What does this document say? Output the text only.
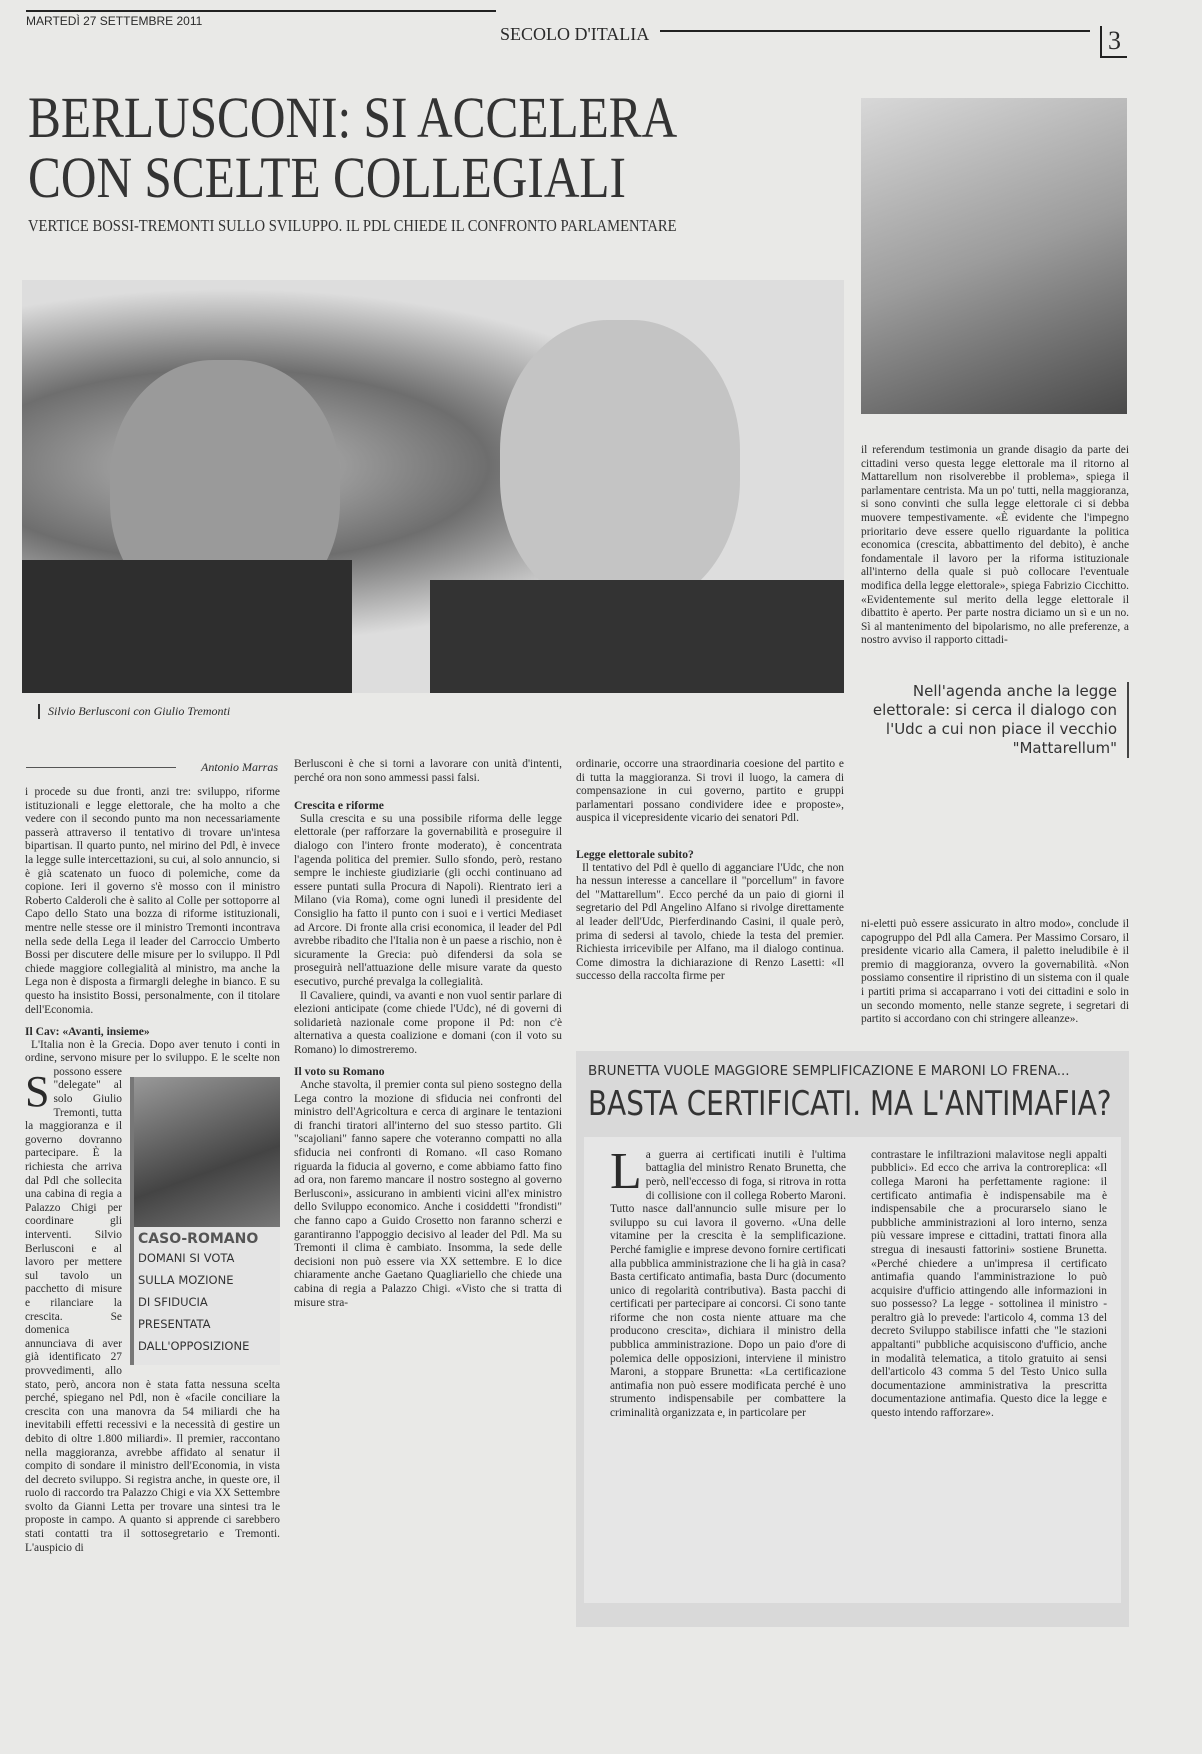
MARTEDÌ 27 SETTEMBRE 2011
SECOLO D'ITALIA	3
BERLUSCONI: SI ACCELERA
CON SCELTE COLLEGIALI
VERTICE BOSSI-TREMONTI SULLO SVILUPPO. IL PDL CHIEDE IL CONFRONTO PARLAMENTARE
Silvio Berlusconi con Giulio Tremonti
Antonio Marras
CASO-ROMANO
DOMANI SI VOTA
SULLA MOZIONE
DI SFIDUCIA
PRESENTATA
DALL'OPPOSIZIONE
S

i procede su due fronti, anzi tre: sviluppo, riforme istituzionali e legge elettorale, che ha molto a che vedere con il secondo punto ma non necessariamente passerà attraverso il tentativo di trovare un'intesa bipartisan. Il quarto punto, nel mirino del Pdl, è invece la legge sulle intercettazioni, su cui, al solo annuncio, si è già scatenato un fuoco di polemiche, come da copione. Ieri il governo s'è mosso con il ministro Roberto Calderoli che è salito al Colle per sottoporre al Capo dello Stato una bozza di riforme istituzionali, mentre nelle stesse ore il ministro Tremonti incontrava nella sede della Lega il leader del Carroccio Umberto Bossi per discutere delle misure per lo sviluppo. Il Pdl chiede maggiore collegialità al ministro, ma anche la Lega non è disposta a firmargli deleghe in bianco. E su questo ha insistito Bossi, personalmente, con il titolare dell'Economia.

Il Cav: «Avanti, insieme»

L'Italia non è la Grecia. Dopo aver tenuto i conti in ordine, servono misure per lo sviluppo. E le scelte non possono essere "delegate" al solo Giulio Tremonti, tutta la maggioranza e il governo dovranno partecipare. È la richiesta che arriva dal Pdl che sollecita una cabina di regia a Palazzo Chigi per coordinare gli interventi. Silvio Berlusconi e al lavoro per mettere sul tavolo un pacchetto di misure e rilanciare la crescita. Se domenica annunciava di aver già identificato 27 provvedimenti, allo stato, però, ancora non è stata fatta nessuna scelta perché, spiegano nel Pdl, non è «facile conciliare la crescita con una manovra da 54 miliardi che ha inevitabili effetti recessivi e la necessità di gestire un debito di oltre 1.800 miliardi». Il premier, raccontano nella maggioranza, avrebbe affidato al senatur il compito di sondare il ministro dell'Economia, in vista del decreto sviluppo. Si registra anche, in queste ore, il ruolo di raccordo tra Palazzo Chigi e via XX Settembre svolto da Gianni Letta per trovare una sintesi tra le proposte in campo. A quanto si apprende ci sarebbero stati contatti tra il sottosegretario e Tremonti. L'auspicio di

Berlusconi è che si torni a lavorare con unità d'intenti, perché ora non sono ammessi passi falsi.

Crescita e riforme

Sulla crescita e su una possibile riforma delle legge elettorale (per rafforzare la governabilità e proseguire il dialogo con l'intero fronte moderato), è concentrata l'agenda politica del premier. Sullo sfondo, però, restano sempre le inchieste giudiziarie (gli occhi continuano ad essere puntati sulla Procura di Napoli). Rientrato ieri a Milano (via Roma), come ogni lunedì il presidente del Consiglio ha fatto il punto con i suoi e i vertici Mediaset ad Arcore. Di fronte alla crisi economica, il leader del Pdl avrebbe ribadito che l'Italia non è un paese a rischio, non è sicuramente la Grecia: può difendersi da sola se proseguirà nell'attuazione delle misure varate da questo esecutivo, purché prevalga la collegialità.

Il Cavaliere, quindi, va avanti e non vuol sentir parlare di elezioni anticipate (come chiede l'Udc), né di governi di solidarietà nazionale come propone il Pd: non c'è alternativa a questa coalizione e domani (con il voto su Romano) lo dimostreremo.

Il voto su Romano

Anche stavolta, il premier conta sul pieno sostegno della Lega contro la mozione di sfiducia nei confronti del ministro dell'Agricoltura e cerca di arginare le tentazioni di franchi tiratori all'interno del suo stesso partito. Gli "scajoliani" fanno sapere che voteranno compatti no alla sfiducia nei confronti di Romano. «Il caso Romano riguarda la fiducia al governo, e come abbiamo fatto fino ad ora, non faremo mancare il nostro sostegno al governo Berlusconi», assicurano in ambienti vicini all'ex ministro dello Sviluppo economico. Anche i cosiddetti "frondisti" che fanno capo a Guido Crosetto non faranno scherzi e garantiranno l'appoggio decisivo al leader del Pdl. Ma su Tremonti il clima è cambiato. Insomma, la sede delle decisioni non può essere via XX settembre. E lo dice chiaramente anche Gaetano Quagliariello che chiede una cabina di regia a Palazzo Chigi. «Visto che si tratta di misure stra-

il referendum testimonia un grande disagio da parte dei cittadini verso questa legge elettorale ma il ritorno al Mattarellum non risolverebbe il problema», spiega il parlamentare centrista. Ma un po' tutti, nella maggioranza, si sono convinti che sulla legge elettorale ci si debba muovere tempestivamente. «È evidente che l'impegno prioritario deve essere quello riguardante la politica economica (crescita, abbattimento del debito), è anche fondamentale il lavoro per la riforma istituzionale all'interno della quale si può collocare l'eventuale modifica della legge elettorale», spiega Fabrizio Cicchitto. «Evidentemente sul merito della legge elettorale il dibattito è aperto. Per parte nostra diciamo un sì e un no. Sì al mantenimento del bipolarismo, no alle preferenze, a nostro avviso il rapporto cittadi-

Nell'agenda anche la legge elettorale: si cerca il dialogo con l'Udc a cui non piace il vecchio "Mattarellum"

ordinarie, occorre una straordinaria coesione del partito e di tutta la maggioranza. Si trovi il luogo, la camera di compensazione in cui governo, partito e gruppi parlamentari possano condividere idee e proposte», auspica il vicepresidente vicario dei senatori Pdl.

Legge elettorale subito?

Il tentativo del Pdl è quello di agganciare l'Udc, che non ha nessun interesse a cancellare il "porcellum" in favore del "Mattarellum". Ecco perché da un paio di giorni il segretario del Pdl Angelino Alfano si rivolge direttamente al leader dell'Udc, Pierferdinando Casini, il quale però, prima di sedersi al tavolo, chiede la testa del premier. Richiesta irricevibile per Alfano, ma il dialogo continua. Come dimostra la dichiarazione di Renzo Lasetti: «Il successo della raccolta firme per

ni-eletti può essere assicurato in altro modo», conclude il capogruppo del Pdl alla Camera. Per Massimo Corsaro, il presidente vicario alla Camera, il paletto ineludibile è il premio di maggioranza, ovvero la governabilità. «Non possiamo consentire il ripristino di un sistema con il quale i partiti prima si accaparrano i voti dei cittadini e solo in un secondo momento, nelle stanze segrete, i segretari di partito si accordano con chi stringere alleanze».

BRUNETTA VUOLE MAGGIORE SEMPLIFICAZIONE E MARONI LO FRENA...
BASTA CERTIFICATI. MA L'ANTIMAFIA?
L a guerra ai certificati inutili è l'ultima battaglia del ministro Renato Brunetta, che però, nell'eccesso di foga, si ritrova in rotta di collisione con il collega Roberto Maroni. Tutto nasce dall'annuncio sulle misure per lo sviluppo su cui lavora il governo. «Una delle vitamine per la crescita è la semplificazione. Perché famiglie e imprese devono fornire certificati alla pubblica amministrazione che li ha già in casa? Basta certificato antimafia, basta Durc (documento unico di regolarità contributiva). Basta pacchi di certificati per partecipare ai concorsi. Ci sono tante riforme che non costa niente attuare ma che producono crescita», dichiara il ministro della pubblica amministrazione. Dopo un paio d'ore di polemica delle opposizioni, interviene il ministro Maroni, a stoppare Brunetta: «La certificazione antimafia non può essere modificata perché è uno strumento indispensabile per combattere la criminalità organizzata e, in particolare per

contrastare le infiltrazioni malavitose negli appalti pubblici». Ed ecco che arriva la controreplica: «Il collega Maroni ha perfettamente ragione: il certificato antimafia è indispensabile ma è indispensabile che a procurarselo siano le pubbliche amministrazioni al loro interno, senza più vessare imprese e cittadini, trattati finora alla stregua di inesausti fattorini» sostiene Brunetta. «Perché chiedere a un'impresa il certificato antimafia quando l'amministrazione lo può acquisire d'ufficio attingendo alle informazioni in suo possesso? La legge - sottolinea il ministro - peraltro già lo prevede: l'articolo 4, comma 13 del decreto Sviluppo stabilisce infatti che "le stazioni appaltanti" pubbliche acquisiscono d'ufficio, anche in modalità telematica, a titolo gratuito ai sensi dell'articolo 43 comma 5 del Testo Unico sulla documentazione amministrativa la prescritta documentazione antimafia. Questo dice la legge e questo intendo rafforzare».
